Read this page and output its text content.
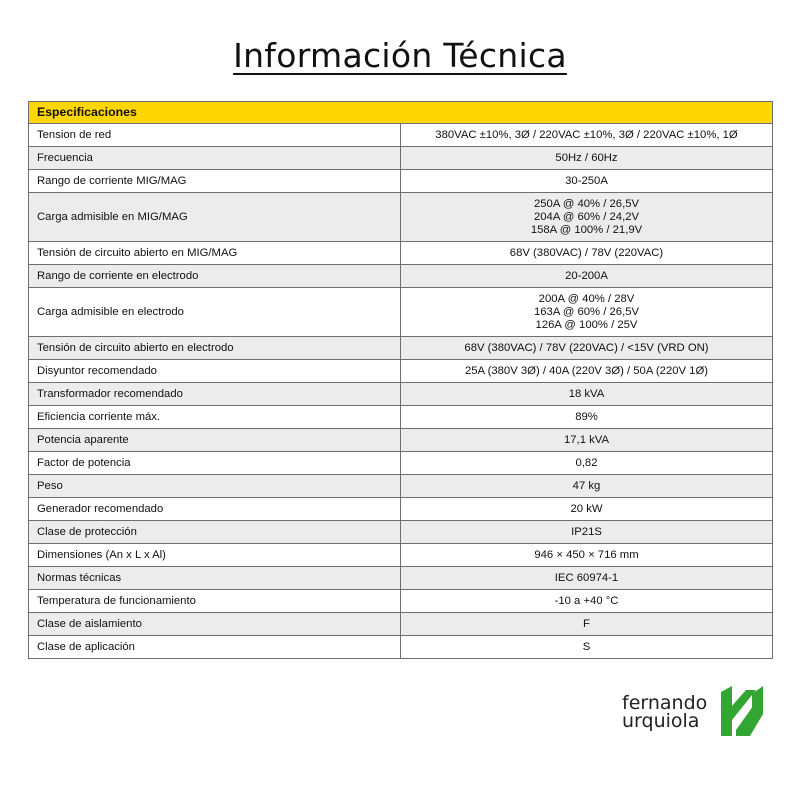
Información Técnica
Especificaciones	
Tension de red	380VAC ±10%, 3Ø / 220VAC ±10%, 3Ø / 220VAC ±10%, 1Ø

Frecuencia	50Hz / 60Hz

Rango de corriente MIG/MAG	30-250A

Carga admisible en MIG/MAG	250A @ 40% / 26,5V
204A @ 60% / 24,2V
158A @ 100% / 21,9V

Tensión de circuito abierto en MIG/MAG	68V (380VAC) / 78V (220VAC)

Rango de corriente en electrodo	20-200A

Carga admisible en electrodo	200A @ 40% / 28V
163A @ 60% / 26,5V
126A @ 100% / 25V

Tensión de circuito abierto en electrodo	68V (380VAC) / 78V (220VAC) / <15V (VRD ON)

Disyuntor recomendado	25A (380V 3Ø) / 40A (220V 3Ø) / 50A (220V 1Ø)

Transformador recomendado	18 kVA

Eficiencia corriente máx.	89%

Potencia aparente	17,1 kVA

Factor de potencia	0,82

Peso	47 kg

Generador recomendado	20 kW

Clase de protección	IP21S

Dimensiones (An x L x Al)	946 × 450 × 716 mm

Normas técnicas	IEC 60974-1

Temperatura de funcionamiento	-10 a +40 °C

Clase de aislamiento	F

Clase de aplicación	S
fernando
urquiola
